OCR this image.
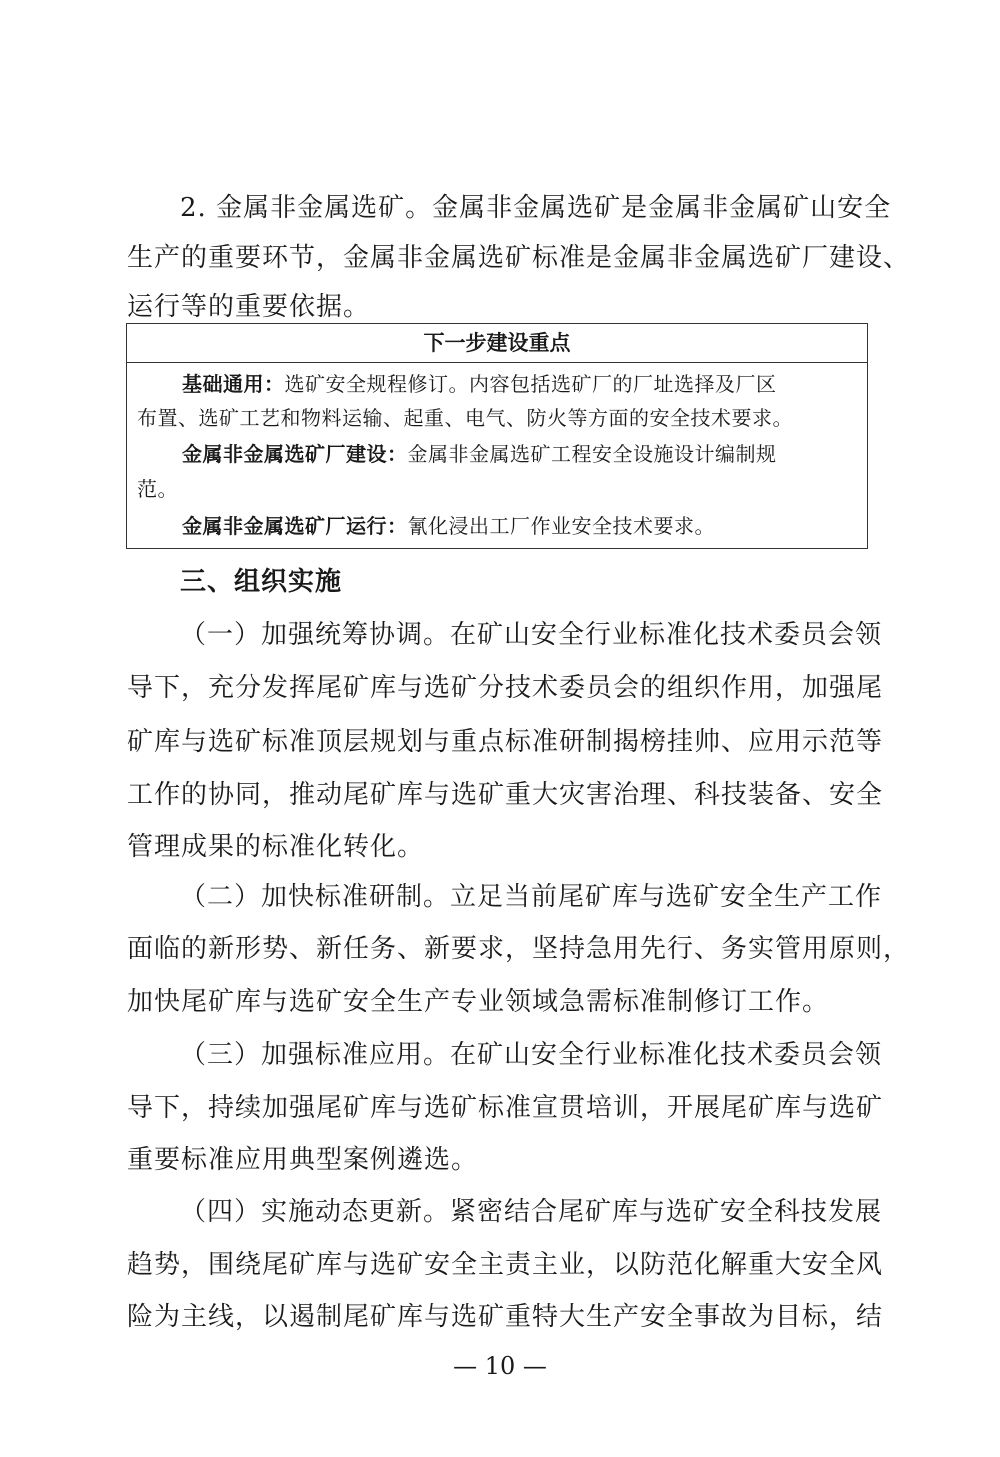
2. 金属非金属选矿。金属非金属选矿是金属非金属矿山安全
生产的重要环节，金属非金属选矿标准是金属非金属选矿厂建设、
运行等的重要依据。
下一步建设重点
基础通用：选矿安全规程修订。内容包括选矿厂的厂址选择及厂区
布置、选矿工艺和物料运输、起重、电气、防火等方面的安全技术要求。
金属非金属选矿厂建设：金属非金属选矿工程安全设施设计编制规
范。
金属非金属选矿厂运行：氰化浸出工厂作业安全技术要求。
三、组织实施
（一）加强统筹协调。在矿山安全行业标准化技术委员会领
导下，充分发挥尾矿库与选矿分技术委员会的组织作用，加强尾
矿库与选矿标准顶层规划与重点标准研制揭榜挂帅、应用示范等
工作的协同，推动尾矿库与选矿重大灾害治理、科技装备、安全
管理成果的标准化转化。
（二）加快标准研制。立足当前尾矿库与选矿安全生产工作
面临的新形势、新任务、新要求，坚持急用先行、务实管用原则，
加快尾矿库与选矿安全生产专业领域急需标准制修订工作。
（三）加强标准应用。在矿山安全行业标准化技术委员会领
导下，持续加强尾矿库与选矿标准宣贯培训，开展尾矿库与选矿
重要标准应用典型案例遴选。
（四）实施动态更新。紧密结合尾矿库与选矿安全科技发展
趋势，围绕尾矿库与选矿安全主责主业，以防范化解重大安全风
险为主线，以遏制尾矿库与选矿重特大生产安全事故为目标，结
— 10 —
